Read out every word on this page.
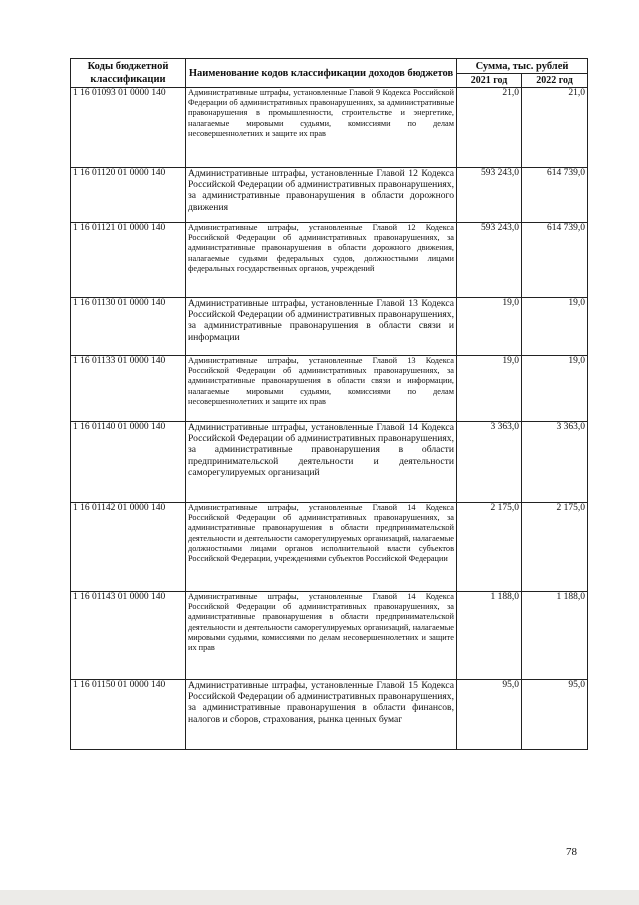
Коды бюджетной классификации	Наименование кодов классификации доходов бюджетов	Сумма, тыс. рублей	
		2021 год	2022 год
1 16 01093 01 0000 140	Административные штрафы, установленные Главой 9 Кодекса Российской Федерации об административных правонарушениях, за административные правонарушения в промышленности, строительстве и энергетике, налагаемые мировыми судьями, комиссиями по делам несовершеннолетних и защите их прав	21,0	21,0
1 16 01120 01 0000 140	Административные штрафы, установленные Главой 12 Кодекса Российской Федерации об административных правонарушениях, за административные правонарушения в области дорожного движения	593 243,0	614 739,0
1 16 01121 01 0000 140	Административные штрафы, установленные Главой 12 Кодекса Российской Федерации об административных правонарушениях, за административные правонарушения в области дорожного движения, налагаемые судьями федеральных судов, должностными лицами федеральных государственных органов, учреждений	593 243,0	614 739,0
1 16 01130 01 0000 140	Административные штрафы, установленные Главой 13 Кодекса Российской Федерации об административных правонарушениях, за административные правонарушения в области связи и информации	19,0	19,0
1 16 01133 01 0000 140	Административные штрафы, установленные Главой 13 Кодекса Российской Федерации об административных правонарушениях, за административные правонарушения в области связи и информации, налагаемые мировыми судьями, комиссиями по делам несовершеннолетних и защите их прав	19,0	19,0
1 16 01140 01 0000 140	Административные штрафы, установленные Главой 14 Кодекса Российской Федерации об административных правонарушениях, за административные правонарушения в области предпринимательской деятельности и деятельности саморегулируемых организаций	3 363,0	3 363,0
1 16 01142 01 0000 140	Административные штрафы, установленные Главой 14 Кодекса Российской Федерации об административных правонарушениях, за административные правонарушения в области предпринимательской деятельности и деятельности саморегулируемых организаций, налагаемые должностными лицами органов исполнительной власти субъектов Российской Федерации, учреждениями субъектов Российской Федерации	2 175,0	2 175,0
1 16 01143 01 0000 140	Административные штрафы, установленные Главой 14 Кодекса Российской Федерации об административных правонарушениях, за административные правонарушения в области предпринимательской деятельности и деятельности саморегулируемых организаций, налагаемые мировыми судьями, комиссиями по делам несовершеннолетних и защите их прав	1 188,0	1 188,0
1 16 01150 01 0000 140	Административные штрафы, установленные Главой 15 Кодекса Российской Федерации об административных правонарушениях, за административные правонарушения в области финансов, налогов и сборов, страхования, рынка ценных бумаг	95,0	95,0
78
